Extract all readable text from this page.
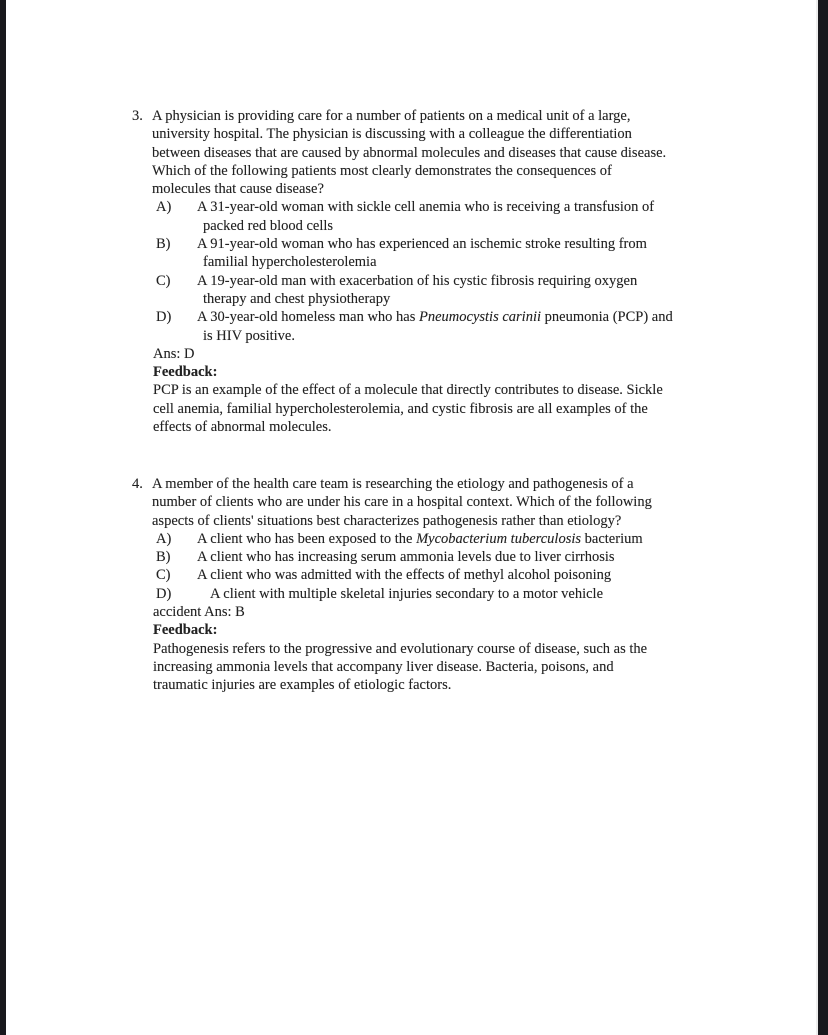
3. A physician is providing care for a number of patients on a medical unit of a large,
university hospital. The physician is discussing with a colleague the differentiation
between diseases that are caused by abnormal molecules and diseases that cause disease.
Which of the following patients most clearly demonstrates the consequences of
molecules that cause disease?
A) A 31-year-old woman with sickle cell anemia who is receiving a transfusion of
packed red blood cells
B) A 91-year-old woman who has experienced an ischemic stroke resulting from
familial hypercholesterolemia
C) A 19-year-old man with exacerbation of his cystic fibrosis requiring oxygen
therapy and chest physiotherapy
D) A 30-year-old homeless man who has Pneumocystis carinii pneumonia (PCP) and
is HIV positive.
Ans: D
Feedback:
PCP is an example of the effect of a molecule that directly contributes to disease. Sickle
cell anemia, familial hypercholesterolemia, and cystic fibrosis are all examples of the
effects of abnormal molecules.
4. A member of the health care team is researching the etiology and pathogenesis of a
number of clients who are under his care in a hospital context. Which of the following
aspects of clients' situations best characterizes pathogenesis rather than etiology?
A) A client who has been exposed to the Mycobacterium tuberculosis bacterium
B) A client who has increasing serum ammonia levels due to liver cirrhosis
C) A client who was admitted with the effects of methyl alcohol poisoning
D)	A client with multiple skeletal injuries secondary to a motor vehicle
accident Ans: B
Feedback:
Pathogenesis refers to the progressive and evolutionary course of disease, such as the
increasing ammonia levels that accompany liver disease. Bacteria, poisons, and
traumatic injuries are examples of etiologic factors.
